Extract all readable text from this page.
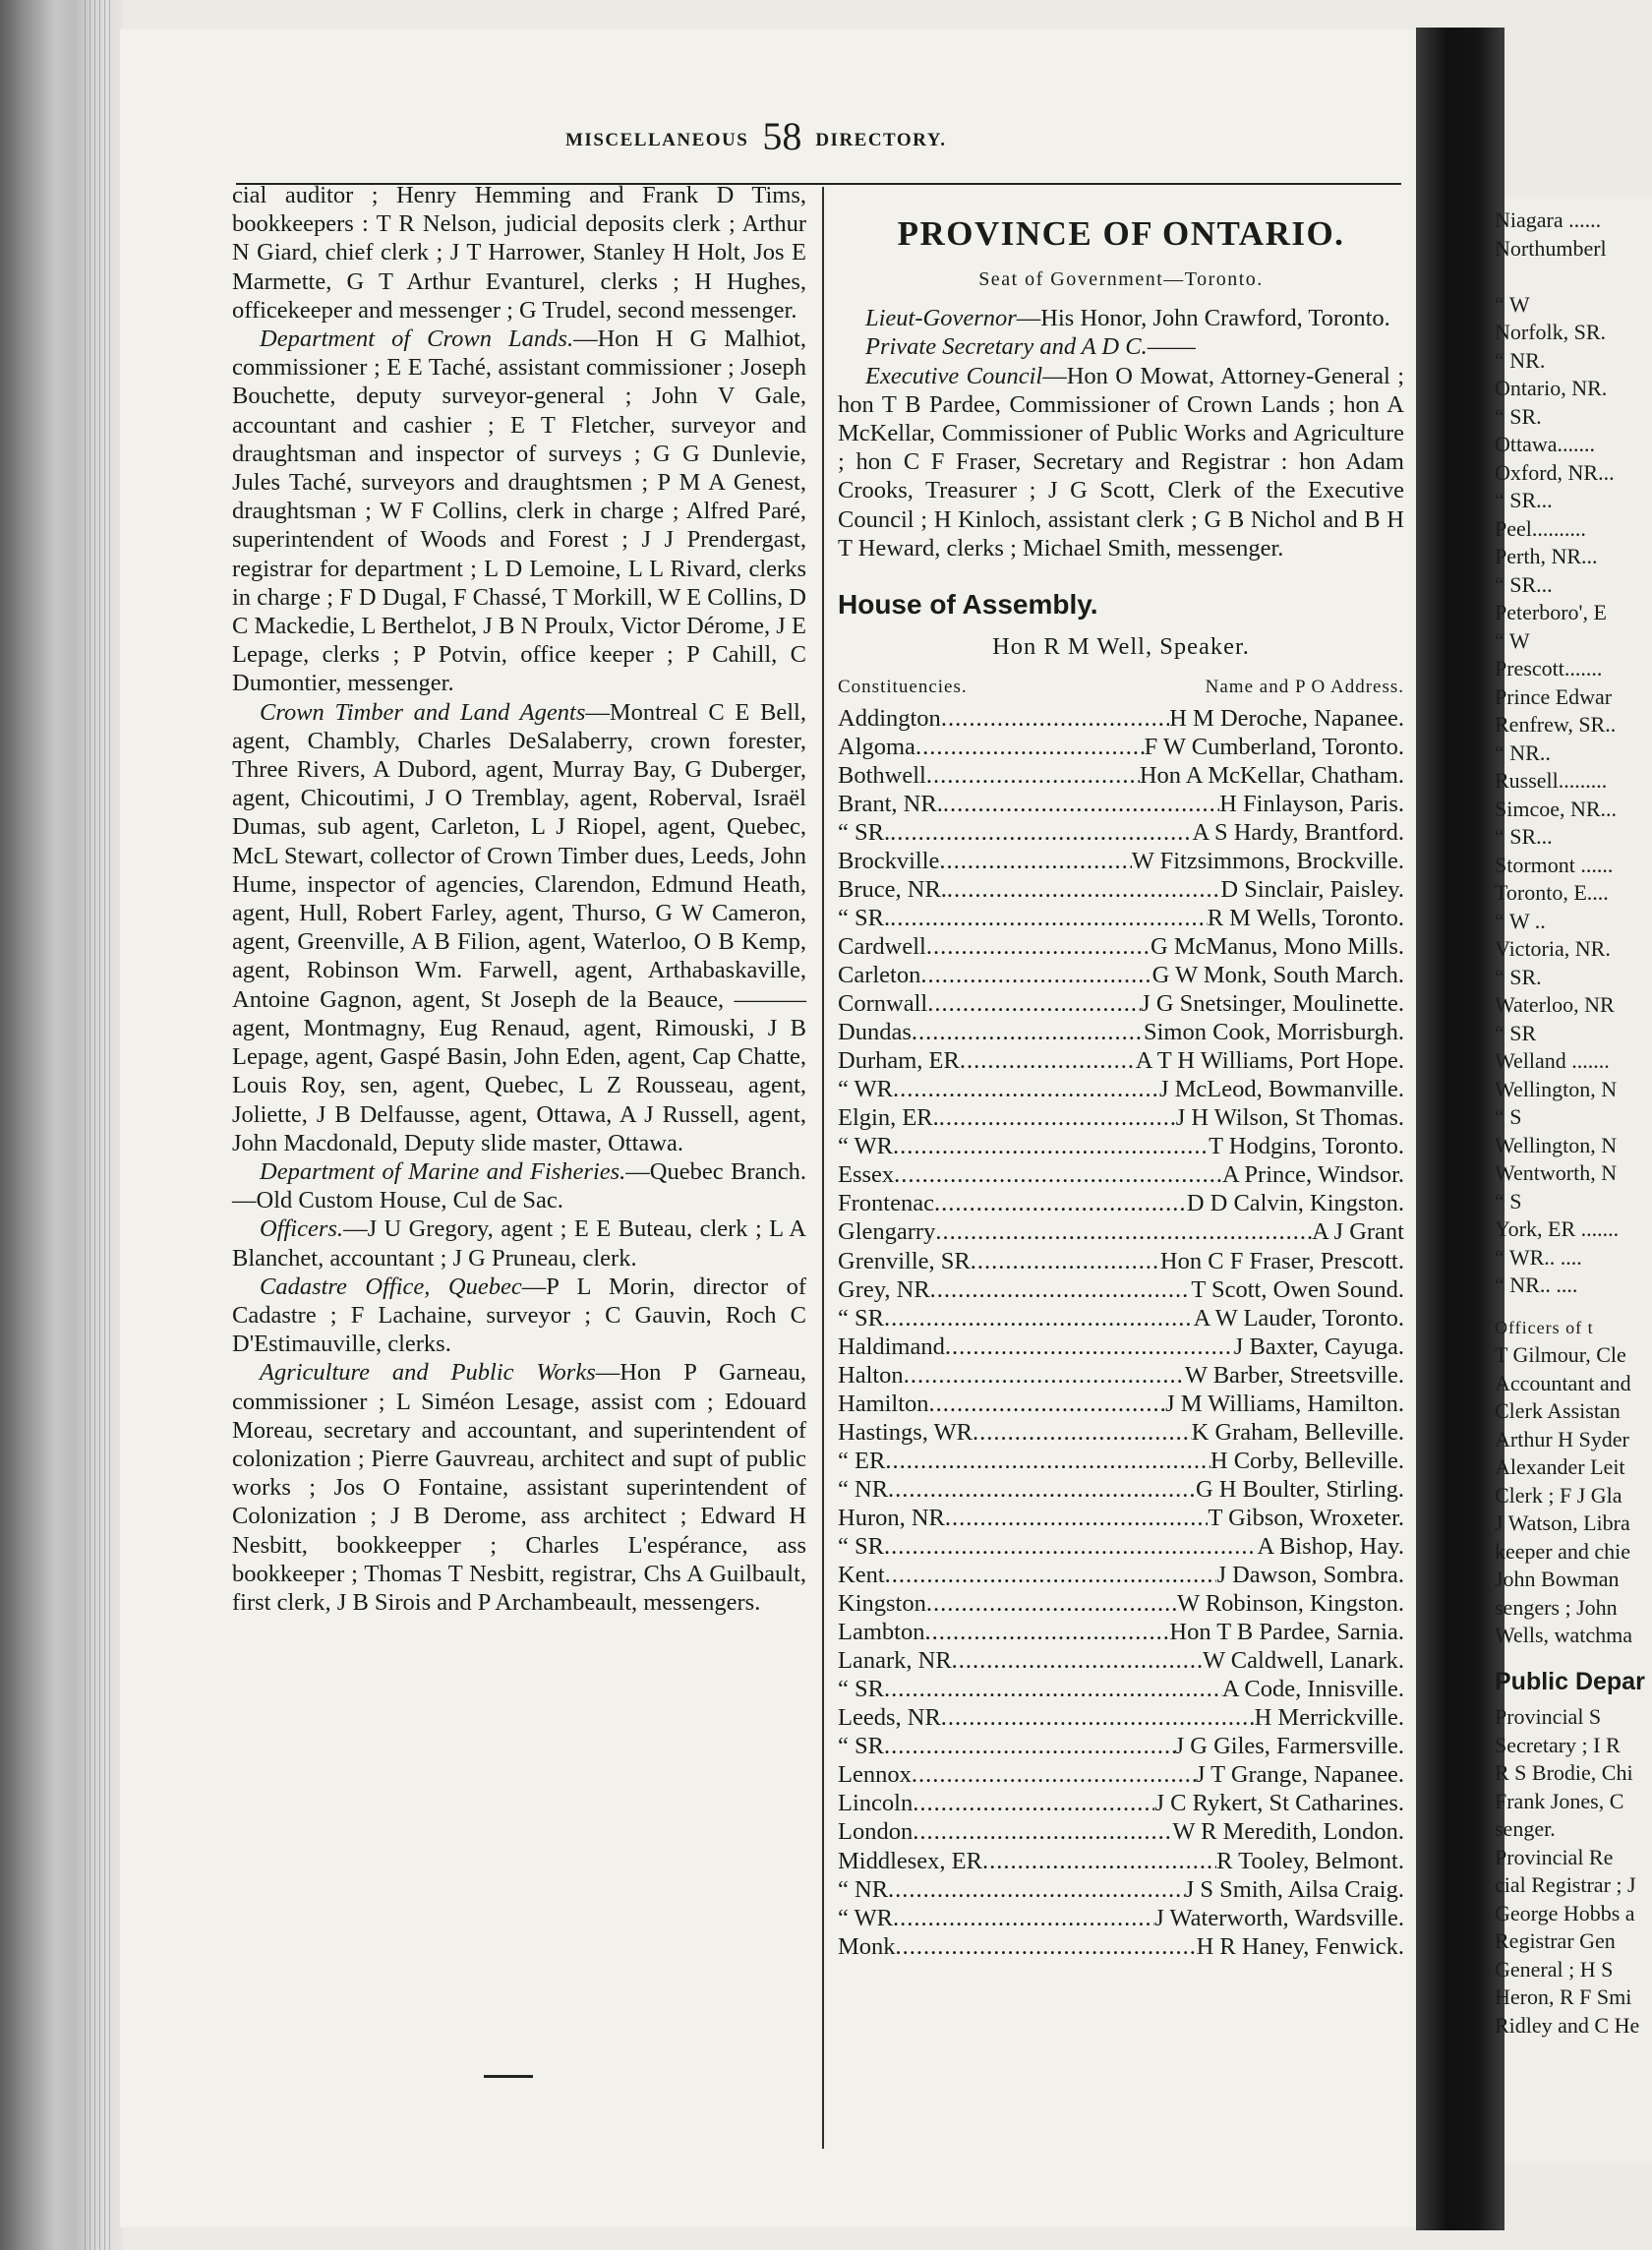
MISCELLANEOUS 58 DIRECTORY.

cial auditor ; Henry Hemming and Frank D Tims, bookkeepers : T R Nelson, judicial deposits clerk ; Arthur N Giard, chief clerk ; J T Harrower, Stanley H Holt, Jos E Marmette, G T Arthur Evanturel, clerks ; H Hughes, officekeeper and messenger ; G Trudel, second messenger.

Department of Crown Lands.—Hon H G Malhiot, commissioner ; E E Taché, assistant commissioner ; Joseph Bouchette, deputy surveyor-general ; John V Gale, accountant and cashier ; E T Fletcher, surveyor and draughtsman and inspector of surveys ; G G Dunlevie, Jules Taché, surveyors and draughtsmen ; P M A Genest, draughtsman ; W F Collins, clerk in charge ; Alfred Paré, superintendent of Woods and Forest ; J J Prendergast, registrar for department ; L D Lemoine, L L Rivard, clerks in charge ; F D Dugal, F Chassé, T Morkill, W E Collins, D C Mackedie, L Berthelot, J B N Proulx, Victor Dérome, J E Lepage, clerks ; P Potvin, office keeper ; P Cahill, C Dumontier, messenger.

Crown Timber and Land Agents—Montreal C E Bell, agent, Chambly, Charles DeSalaberry, crown forester, Three Rivers, A Dubord, agent, Murray Bay, G Duberger, agent, Chicoutimi, J O Tremblay, agent, Roberval, Israël Dumas, sub agent, Carleton, L J Riopel, agent, Quebec, McL Stewart, collector of Crown Timber dues, Leeds, John Hume, inspector of agencies, Clarendon, Edmund Heath, agent, Hull, Robert Farley, agent, Thurso, G W Cameron, agent, Greenville, A B Filion, agent, Waterloo, O B Kemp, agent, Robinson Wm. Farwell, agent, Arthabaskaville, Antoine Gagnon, agent, St Joseph de la Beauce, ——— agent, Montmagny, Eug Renaud, agent, Rimouski, J B Lepage, agent, Gaspé Basin, John Eden, agent, Cap Chatte, Louis Roy, sen, agent, Quebec, L Z Rousseau, agent, Joliette, J B Delfausse, agent, Ottawa, A J Russell, agent, John Macdonald, Deputy slide master, Ottawa.

Department of Marine and Fisheries.—Quebec Branch.—Old Custom House, Cul de Sac.

Officers.—J U Gregory, agent ; E E Buteau, clerk ; L A Blanchet, accountant ; J G Pruneau, clerk.

Cadastre Office, Quebec—P L Morin, director of Cadastre ; F Lachaine, surveyor ; C Gauvin, Roch C D'Estimauville, clerks.

Agriculture and Public Works—Hon P Garneau, commissioner ; L Siméon Lesage, assist com ; Edouard Moreau, secretary and accountant, and superintendent of colonization ; Pierre Gauvreau, architect and supt of public works ; Jos O Fontaine, assistant superintendent of Colonization ; J B Derome, ass architect ; Edward H Nesbitt, bookkeepper ; Charles L'espérance, ass bookkeeper ; Thomas T Nesbitt, registrar, Chs A Guilbault, first clerk, J B Sirois and P Archambeault, messengers.

PROVINCE OF ONTARIO.
Seat of Government—Toronto.

Lieut-Governor—His Honor, John Crawford, Toronto.

Private Secretary and A D C.——

Executive Council—Hon O Mowat, Attorney-General ; hon T B Pardee, Commissioner of Crown Lands ; hon A McKellar, Commissioner of Public Works and Agriculture ; hon C F Fraser, Secretary and Registrar : hon Adam Crooks, Treasurer ; J G Scott, Clerk of the Executive Council ; H Kinloch, assistant clerk ; G B Nichol and B H T Heward, clerks ; Michael Smith, messenger.

House of Assembly.
Hon R M Well, Speaker.
Constituencies.	Name and P O Address.
Addington .....	H M Deroche, Napanee.
Algoma .....	F W Cumberland, Toronto.
Bothwell .....	Hon A McKellar, Chatham.
Brant, NR. .....	H Finlayson, Paris.
“ SR. .....	A S Hardy, Brantford.
Brockville .....	W Fitzsimmons, Brockville.
Bruce, NR. .....	D Sinclair, Paisley.
“ SR. .....	R M Wells, Toronto.
Cardwell .....	G McManus, Mono Mills.
Carleton .....	G W Monk, South March.
Cornwall .....	J G Snetsinger, Moulinette.
Dundas .....	Simon Cook, Morrisburgh.
Durham, ER .....	A T H Williams, Port Hope.
“ WR .....	J McLeod, Bowmanville.
Elgin, ER. .....	J H Wilson, St Thomas.
“ WR .....	T Hodgins, Toronto.
Essex .....	A Prince, Windsor.
Frontenac .....	D D Calvin, Kingston.
Glengarry .....	A J Grant
Grenville, SR .....	Hon C F Fraser, Prescott.
Grey, NR .....	T Scott, Owen Sound.
“ SR .....	A W Lauder, Toronto.
Haldimand .....	J Baxter, Cayuga.
Halton .....	W Barber, Streetsville.
Hamilton .....	J M Williams, Hamilton.
Hastings, WR .....	K Graham, Belleville.
“ ER .....	H Corby, Belleville.
“ NR .....	G H Boulter, Stirling.
Huron, NR .....	T Gibson, Wroxeter.
“ SR .....	A Bishop, Hay.
Kent .....	J Dawson, Sombra.
Kingston .....	W Robinson, Kingston.
Lambton .....	Hon T B Pardee, Sarnia.
Lanark, NR .....	W Caldwell, Lanark.
“ SR .....	A Code, Innisville.
Leeds, NR .....	H Merrickville.
“ SR .....	J G Giles, Farmersville.
Lennox .....	J T Grange, Napanee.
Lincoln .....	J C Rykert, St Catharines.
London .....	W R Meredith, London.
Middlesex, ER .....	R Tooley, Belmont.
“ NR .....	J S Smith, Ailsa Craig.
“ WR .....	J Waterworth, Wardsville.
Monk .....	H R Haney, Fenwick.

Niagara ......

Northumberl

“ W

Norfolk, SR.

“ NR.

Ontario, NR.

“ SR.

Ottawa.......

Oxford, NR...

“ SR...

Peel..........

Perth, NR...

“ SR...

Peterboro', E

“ W

Prescott.......

Prince Edwar

Renfrew, SR..

“ NR..

Russell.........

Simcoe, NR...

“ SR...

Stormont ......

Toronto, E....

“ W ..

Victoria, NR.

“ SR.

Waterloo, NR

“ SR

Welland .......

Wellington, N

“ S

Wellington, N

Wentworth, N

“ S

York, ER .......

“ WR.. ....

“ NR.. ....

Officers of t

T Gilmour, Cle

Accountant and

Clerk Assistan

Arthur H Syder

Alexander Leit

Clerk ; F J Gla

J Watson, Libra

keeper and chie

John Bowman

sengers ; John

Wells, watchma

Public Depar

Provincial S

Secretary ; I R

R S Brodie, Chi

Frank Jones, C

senger.

Provincial Re

cial Registrar ; J

George Hobbs a

Registrar Gen

General ; H S

Heron, R F Smi

Ridley and C He
